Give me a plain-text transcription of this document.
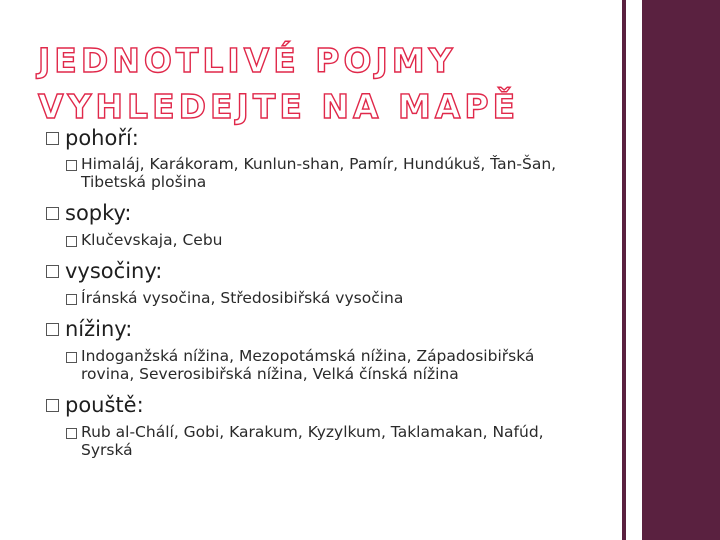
JEDNOTLIVÉ POJMY VYHLEDEJTE NA MAPĚ
pohoří:
Himaláj, Karákoram, Kunlun-shan, Pamír, Hundúkuš, Ťan-Šan, Tibetská plošina
sopky:
Klučevskaja, Cebu
vysočiny:
Íránská vysočina, Středosibiřská vysočina
nížiny:
Indoganžská nížina, Mezopotámská nížina, Západosibiřská rovina, Severosibiřská nížina, Velká čínská nížina
pouště:
Rub al-Chálí, Gobi, Karakum, Kyzylkum, Taklamakan, Nafúd, Syrská
